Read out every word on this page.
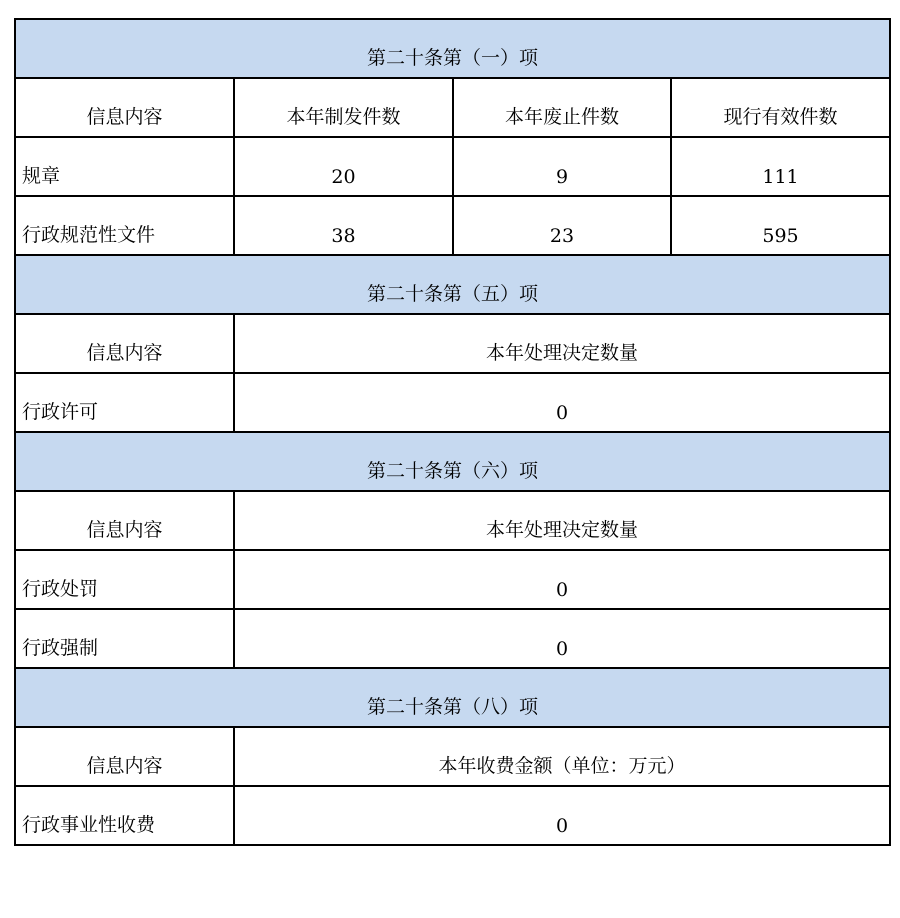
第二十条第（一）项			
信息内容	本年制发件数	本年废止件数	现行有效件数
规章	20	9	111
行政规范性文件	38	23	595
第二十条第（五）项			
信息内容	本年处理决定数量		
行政许可	0		
第二十条第（六）项			
信息内容	本年处理决定数量		
行政处罚	0		
行政强制	0		
第二十条第（八）项			
信息内容	本年收费金额（单位：万元）		
行政事业性收费	0		
